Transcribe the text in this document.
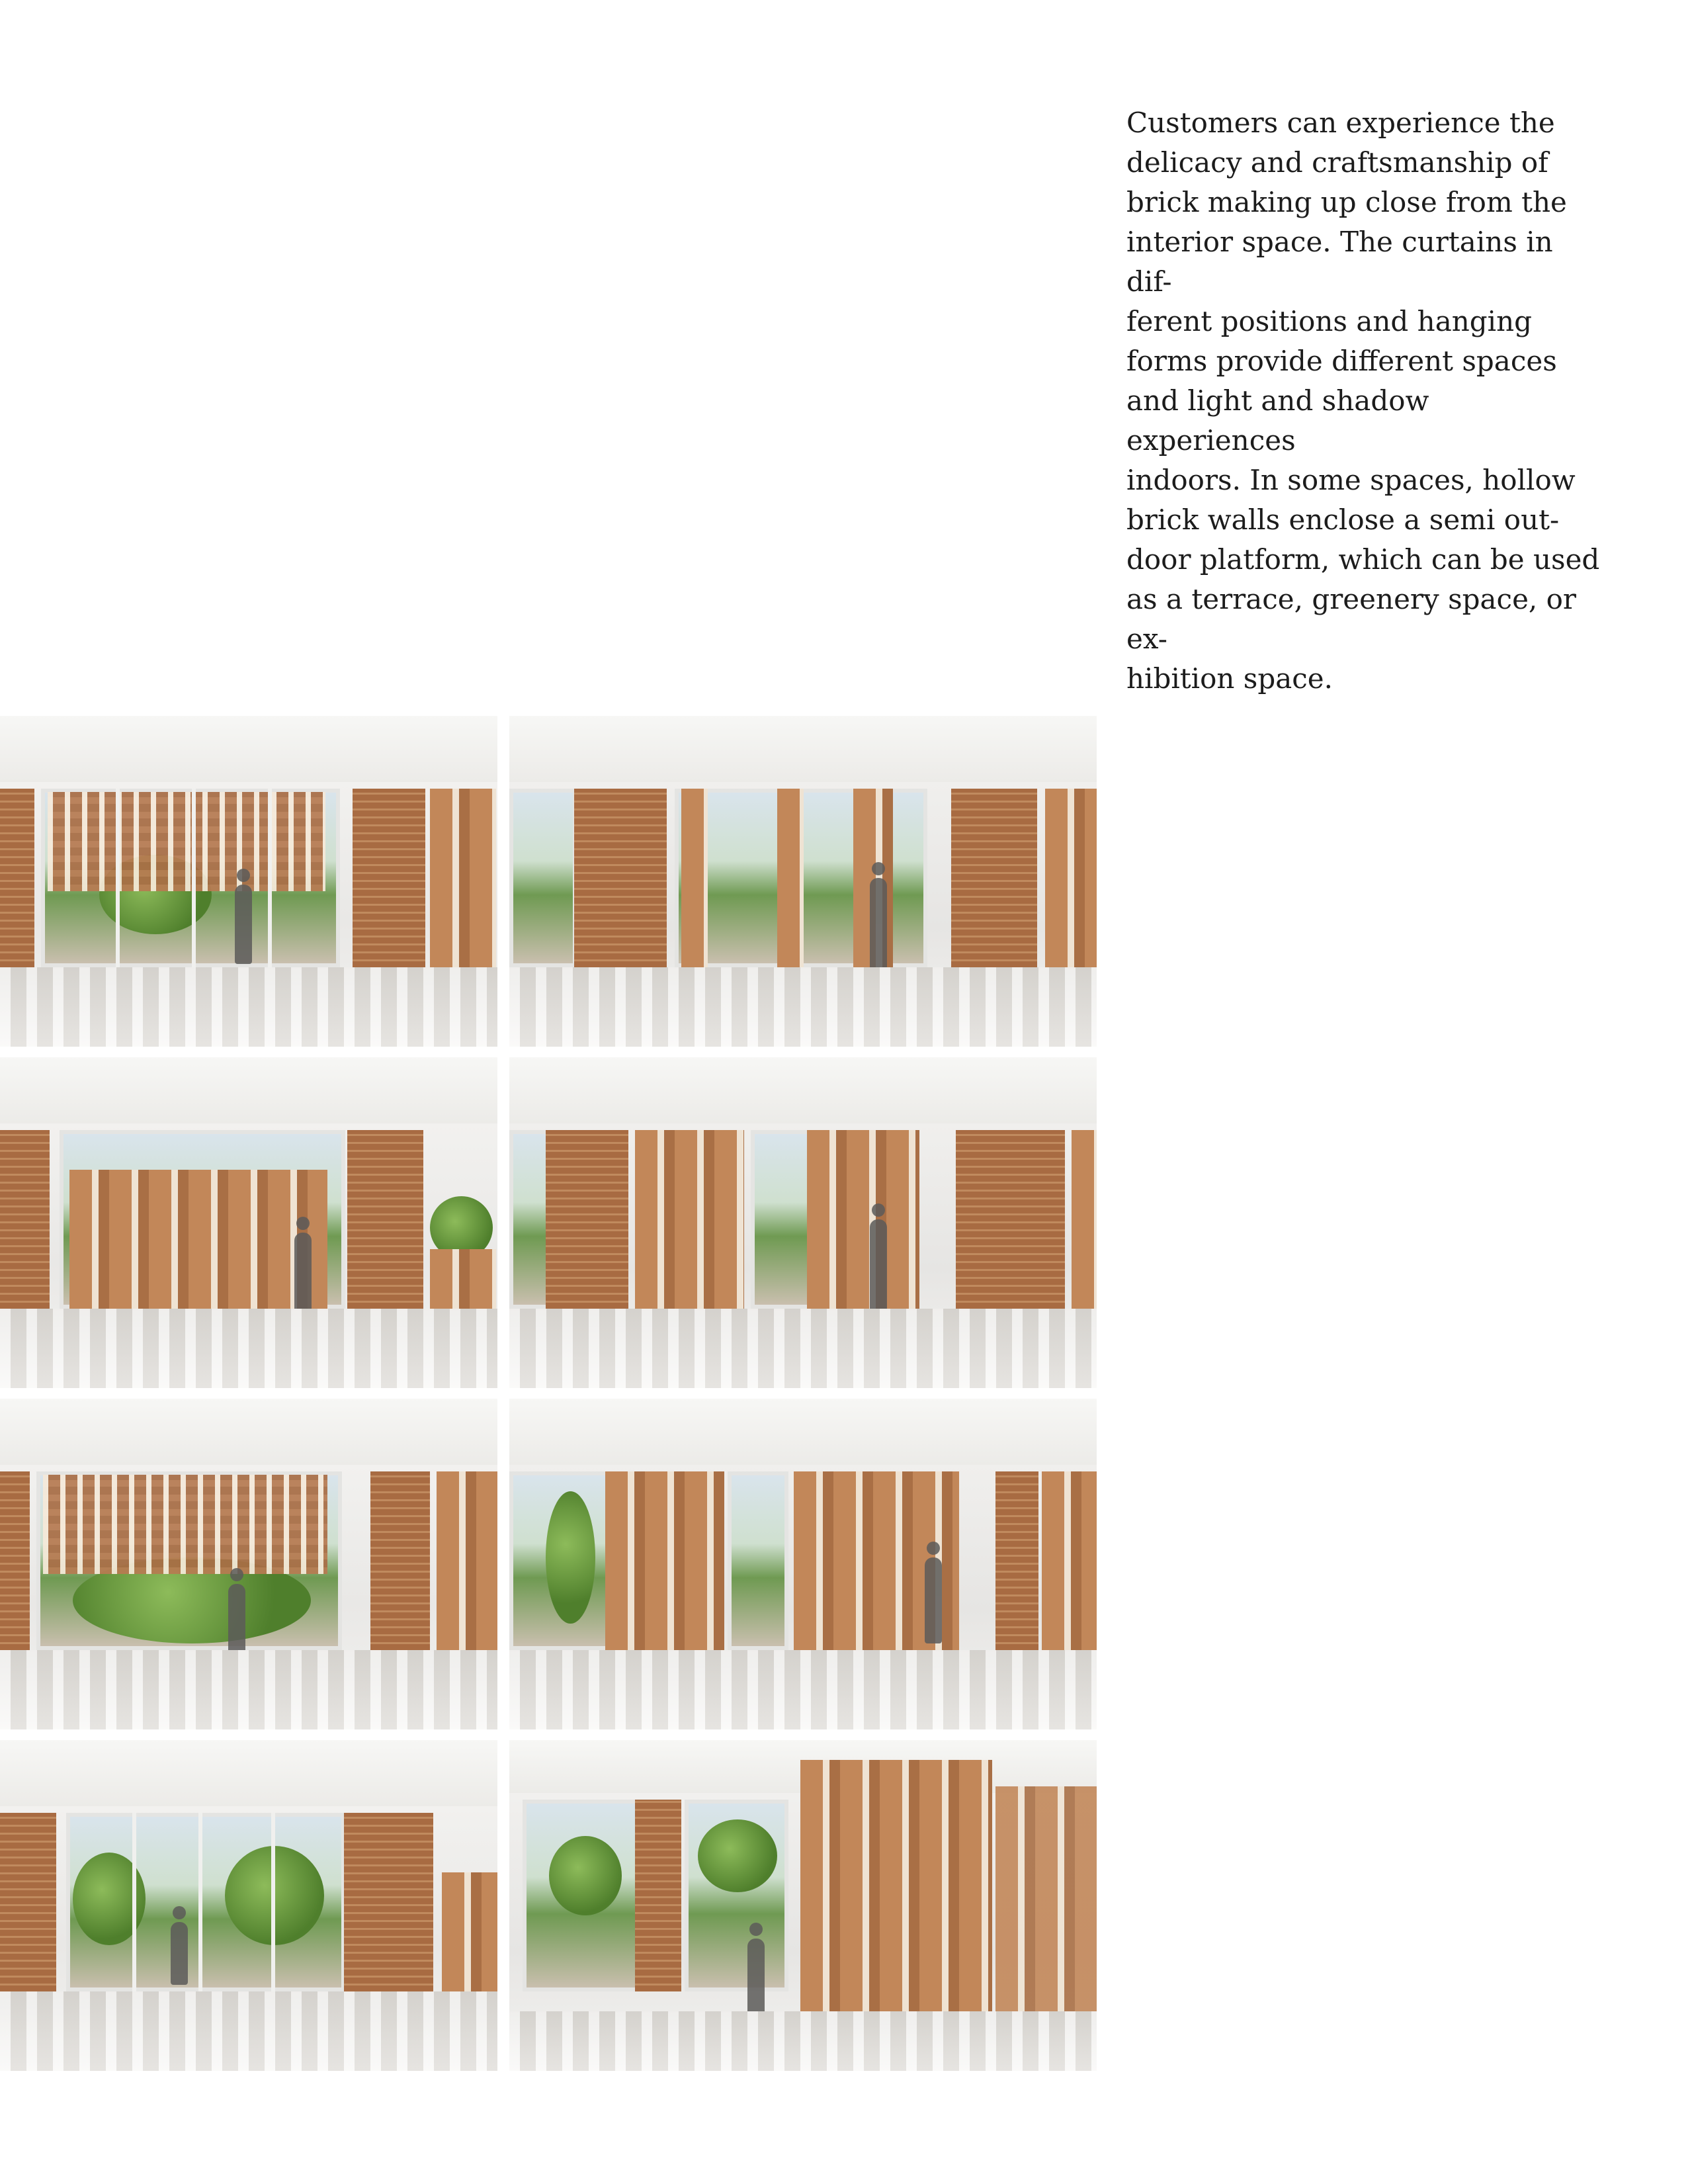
Customers can experience the
delicacy and craftsmanship of
brick making up close from the
interior space. The curtains in dif-
ferent positions and hanging
forms provide different spaces
and light and shadow experiences
indoors. In some spaces, hollow
brick walls enclose a semi out-
door platform, which can be used
as a terrace, greenery space, or ex-
hibition space.
